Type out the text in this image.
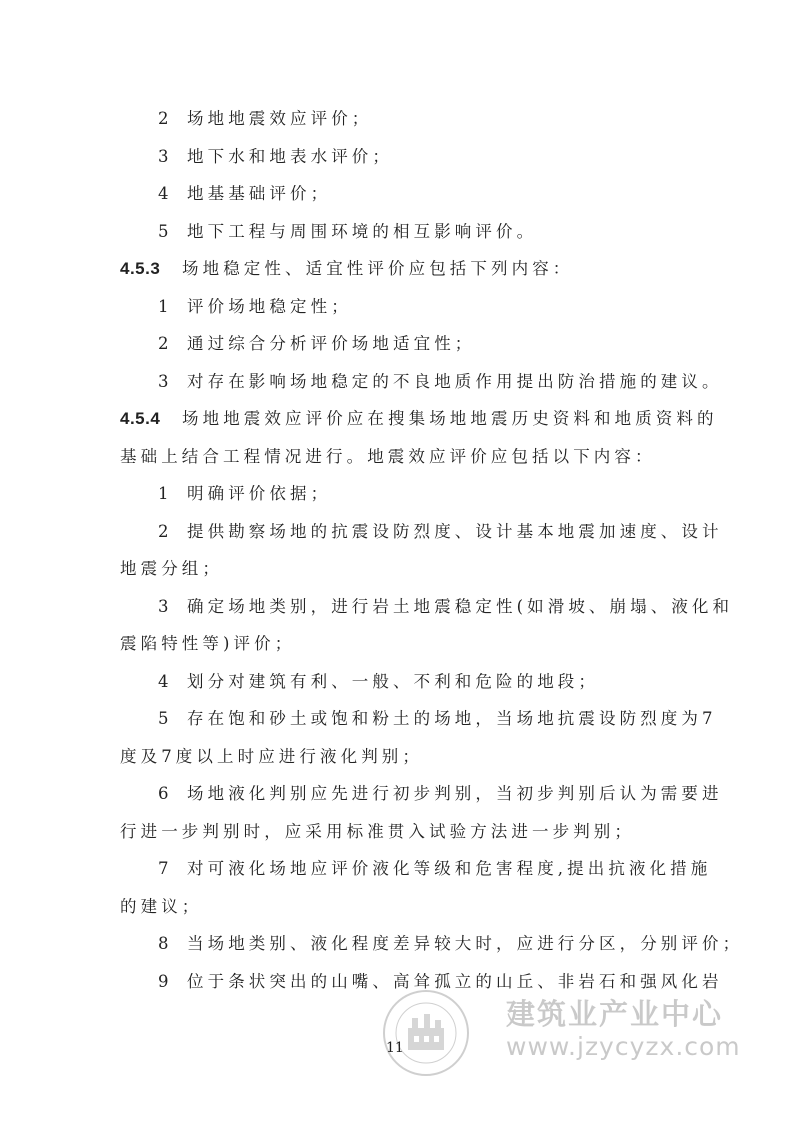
2 场地地震效应评价；
3 地下水和地表水评价；
4 地基基础评价；
5 地下工程与周围环境的相互影响评价。
4.5.3 场地稳定性、适宜性评价应包括下列内容：
1 评价场地稳定性；
2 通过综合分析评价场地适宜性；
3 对存在影响场地稳定的不良地质作用提出防治措施的建议。
4.5.4 场地地震效应评价应在搜集场地地震历史资料和地质资料的
基础上结合工程情况进行。地震效应评价应包括以下内容：
1 明确评价依据；
2 提供勘察场地的抗震设防烈度、设计基本地震加速度、设计
地震分组；
3 确定场地类别，进行岩土地震稳定性(如滑坡、崩塌、液化和
震陷特性等)评价；
4 划分对建筑有利、一般、不利和危险的地段；
5 存在饱和砂土或饱和粉土的场地，当场地抗震设防烈度为7
度及7度以上时应进行液化判别；
6 场地液化判别应先进行初步判别，当初步判别后认为需要进
行进一步判别时，应采用标准贯入试验方法进一步判别；
7 对可液化场地应评价液化等级和危害程度,提出抗液化措施
的建议；
8 当场地类别、液化程度差异较大时，应进行分区，分别评价；
9 位于条状突出的山嘴、高耸孤立的山丘、非岩石和强风化岩
建筑业产业中心
www.jzycyzx.com
11
